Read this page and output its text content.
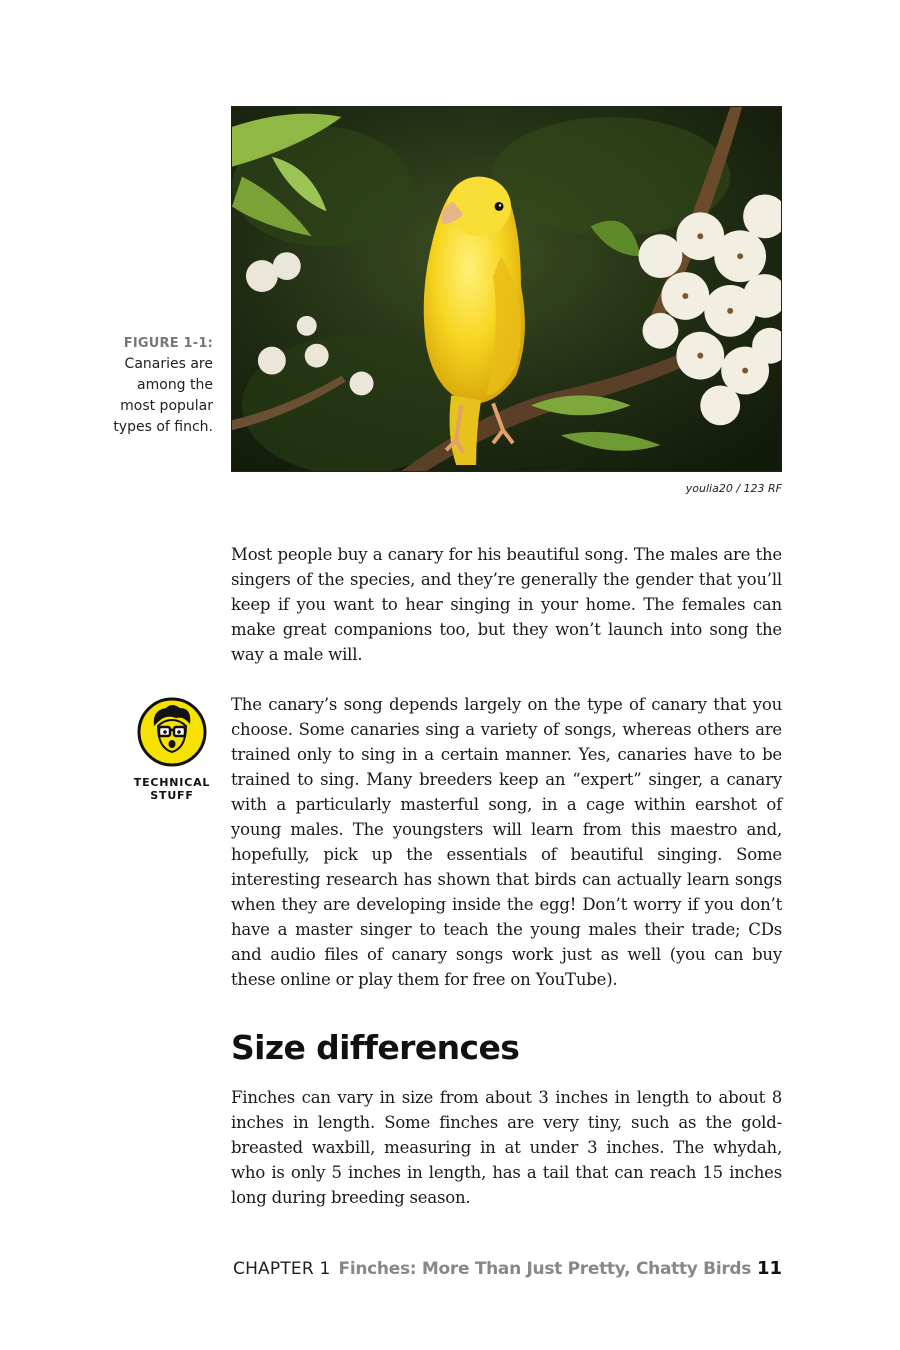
FIGURE 1-1:
Canaries are among the most popular types of finch.
youlia20 / 123 RF

Most people buy a canary for his beautiful song. The males are the singers of the species, and they’re generally the gender that you’ll keep if you want to hear singing in your home. The females can make great companions too, but they won’t launch into song the way a male will.

TECHNICAL STUFF

The canary’s song depends largely on the type of canary that you choose. Some canaries sing a variety of songs, whereas others are trained only to sing in a certain manner. Yes, canaries have to be trained to sing. Many breeders keep an “expert” singer, a canary with a particularly masterful song, in a cage within earshot of young males. The youngsters will learn from this maestro and, hopefully, pick up the essentials of beautiful singing. Some interesting research has shown that birds can actually learn songs when they are developing inside the egg! Don’t worry if you don’t have a master singer to teach the young males their trade; CDs and audio files of canary songs work just as well (you can buy these online or play them for free on YouTube).

Size differences

Finches can vary in size from about 3 inches in length to about 8 inches in length. Some finches are very tiny, such as the gold-breasted waxbill, measuring in at under 3 inches. The whydah, who is only 5 inches in length, has a tail that can reach 15 inches long during breeding season.

CHAPTER 1 Finches: More Than Just Pretty, Chatty Birds 11
